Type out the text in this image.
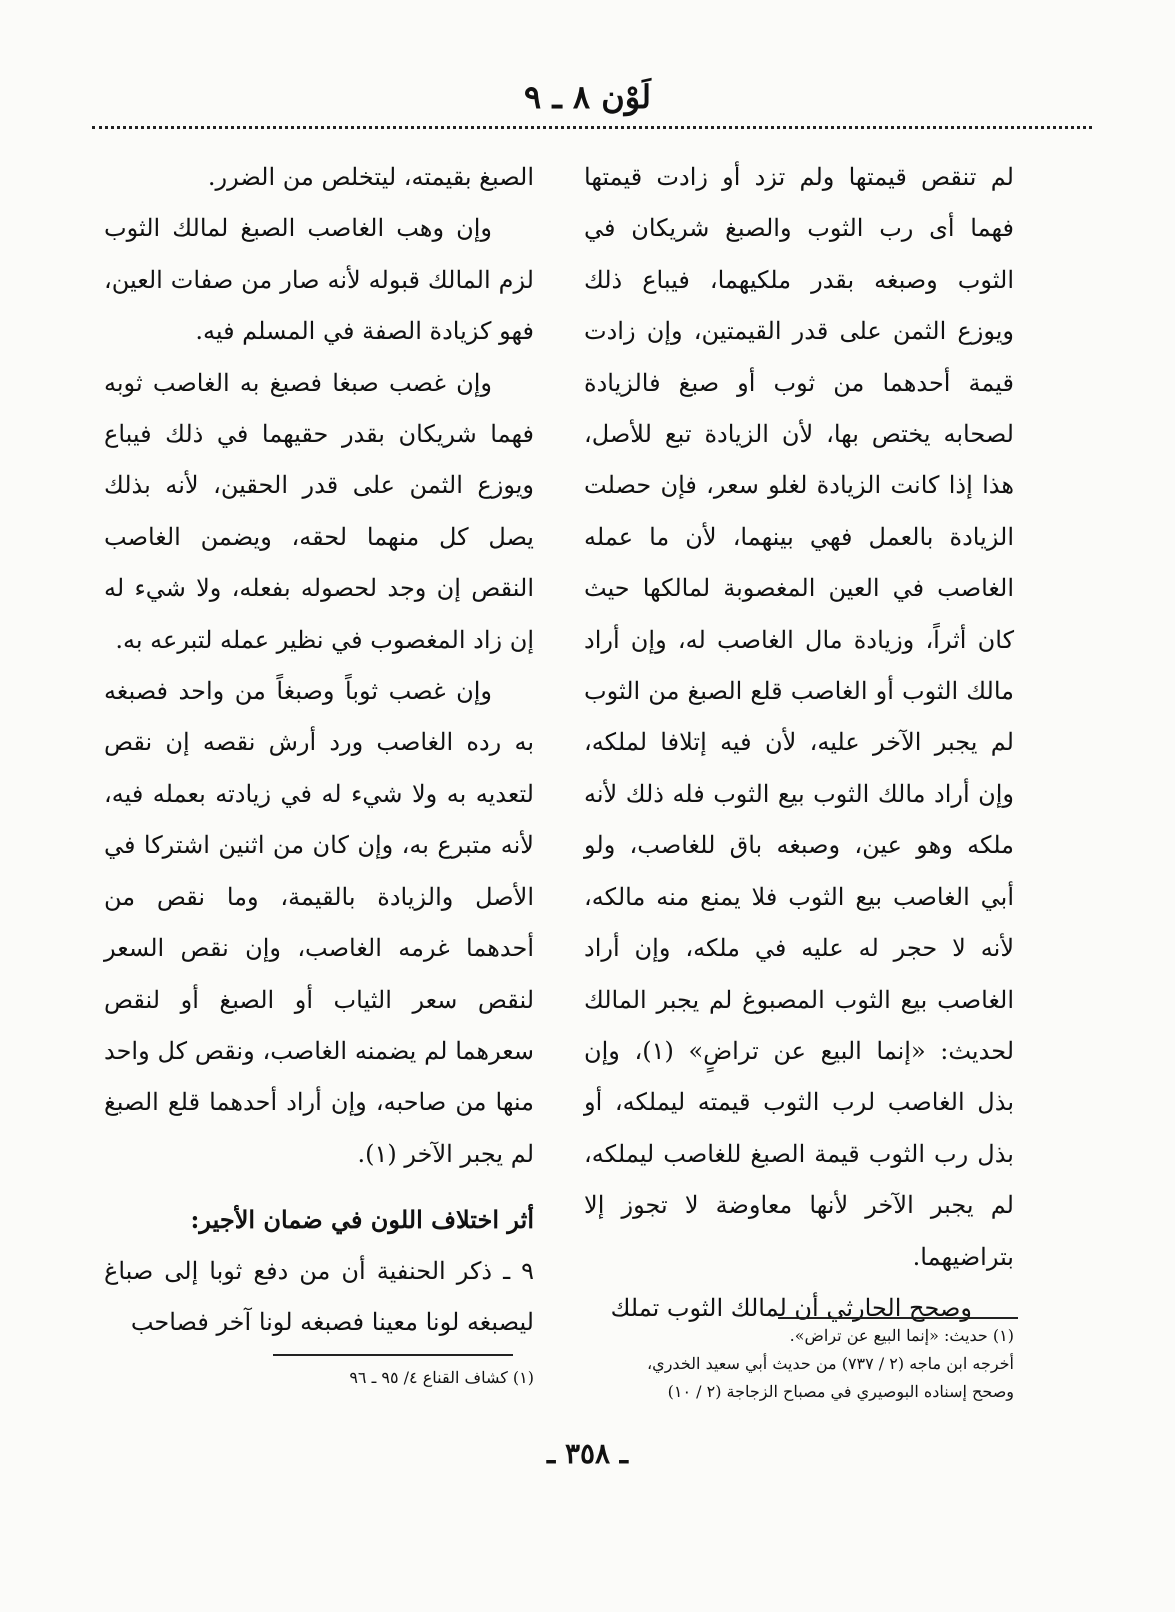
لَوْن ٨ ـ ٩

لم تنقص قيمتها ولم تزد أو زادت قيمتها فهما أى رب الثوب والصبغ شريكان في الثوب وصبغه بقدر ملكيهما، فيباع ذلك ويوزع الثمن على قدر القيمتين، وإن زادت قيمة أحدهما من ثوب أو صبغ فالزيادة لصحابه يختص بها، لأن الزيادة تبع للأصل، هذا إذا كانت الزيادة لغلو سعر، فإن حصلت الزيادة بالعمل فهي بينهما، لأن ما عمله الغاصب في العين المغصوبة لمالكها حيث كان أثراً، وزيادة مال الغاصب له، وإن أراد مالك الثوب أو الغاصب قلع الصبغ من الثوب لم يجبر الآخر عليه، لأن فيه إتلافا لملكه، وإن أراد مالك الثوب بيع الثوب فله ذلك لأنه ملكه وهو عين، وصبغه باق للغاصب، ولو أبي الغاصب بيع الثوب فلا يمنع منه مالكه، لأنه لا حجر له عليه في ملكه، وإن أراد الغاصب بيع الثوب المصبوغ لم يجبر المالك لحديث: «إنما البيع عن تراضٍ» (١)، وإن بذل الغاصب لرب الثوب قيمته ليملكه، أو بذل رب الثوب قيمة الصبغ للغاصب ليملكه، لم يجبر الآخر لأنها معاوضة لا تجوز إلا بتراضيهما.

وصحح الحارثي أن لمالك الثوب تملك

الصبغ بقيمته، ليتخلص من الضرر.

وإن وهب الغاصب الصبغ لمالك الثوب لزم المالك قبوله لأنه صار من صفات العين، فهو كزيادة الصفة في المسلم فيه.

وإن غصب صبغا فصبغ به الغاصب ثوبه فهما شريكان بقدر حقيهما في ذلك فيباع ويوزع الثمن على قدر الحقين، لأنه بذلك يصل كل منهما لحقه، ويضمن الغاصب النقص إن وجد لحصوله بفعله، ولا شيء له إن زاد المغصوب في نظير عمله لتبرعه به.

وإن غصب ثوباً وصبغاً من واحد فصبغه به رده الغاصب ورد أرش نقصه إن نقص لتعديه به ولا شيء له في زيادته بعمله فيه، لأنه متبرع به، وإن كان من اثنين اشتركا في الأصل والزيادة بالقيمة، وما نقص من أحدهما غرمه الغاصب، وإن نقص السعر لنقص سعر الثياب أو الصبغ أو لنقص سعرهما لم يضمنه الغاصب، ونقص كل واحد منها من صاحبه، وإن أراد أحدهما قلع الصبغ لم يجبر الآخر (١).

أثر اختلاف اللون في ضمان الأجير:

٩ ـ ذكر الحنفية أن من دفع ثوبا إلى صباغ ليصبغه لونا معينا فصبغه لونا آخر فصاحب	(١) حديث: «إنما البيع عن تراض».
أخرجه ابن ماجه (٢ / ٧٣٧) من حديث أبي سعيد الخدري،
وصحح إسناده البوصيري في مصباح الزجاجة (٢ / ١٠)
(١) كشاف القناع ٤/ ٩٥ ـ ٩٦
ـ ٣٥٨ ـ
